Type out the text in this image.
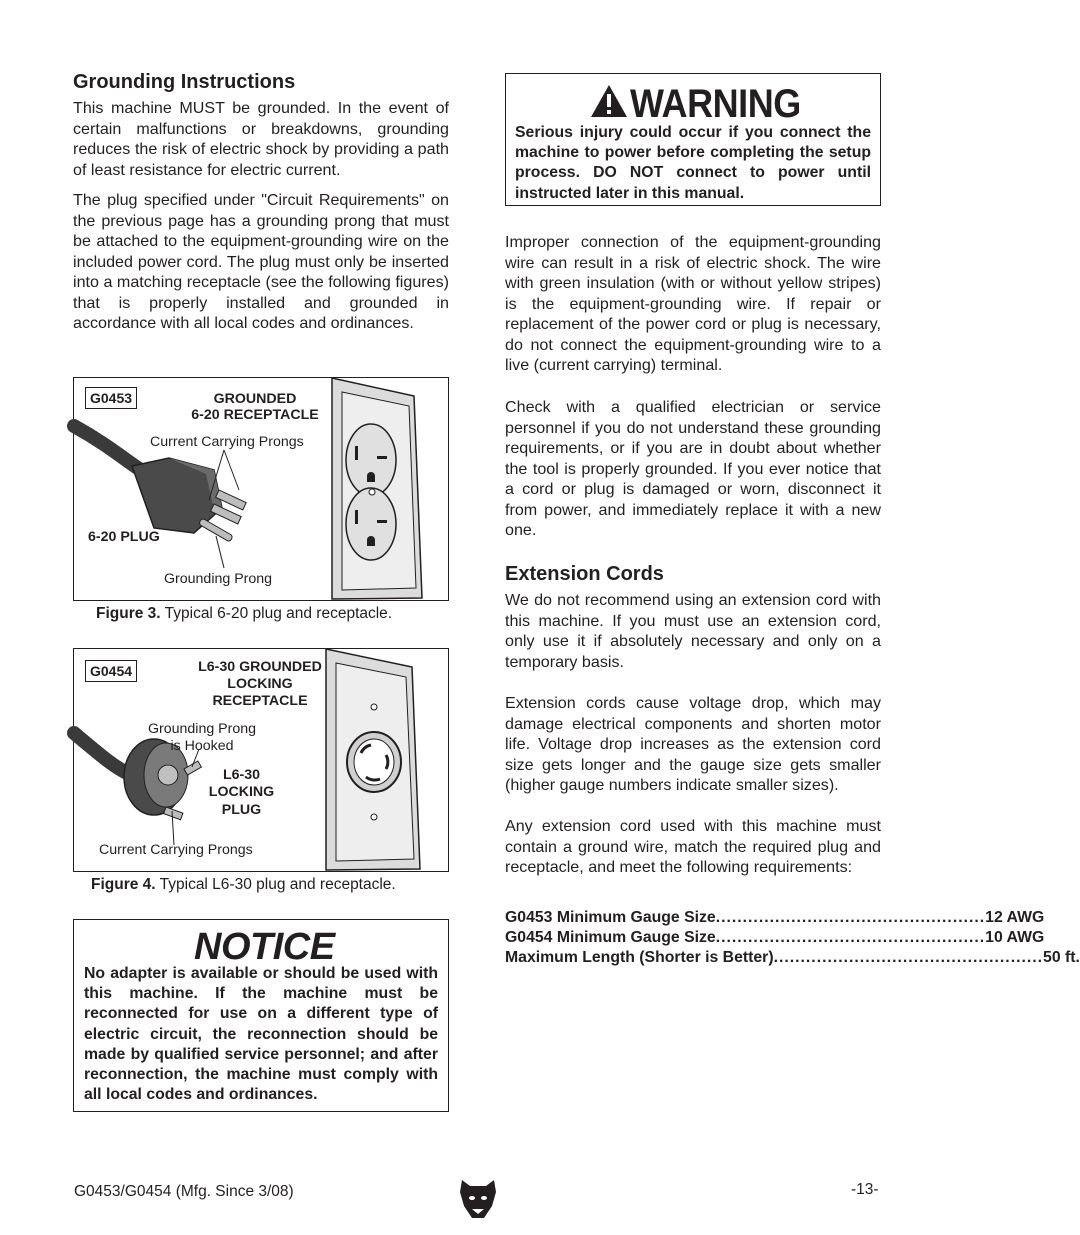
Grounding Instructions

This machine MUST be grounded. In the event of certain malfunctions or breakdowns, grounding reduces the risk of electric shock by providing a path of least resistance for electric current.

The plug specified under "Circuit Requirements" on the previous page has a grounding prong that must be attached to the equipment-grounding wire on the included power cord. The plug must only be inserted into a matching receptacle (see the following figures) that is properly installed and grounded in accordance with all local codes and ordinances.

G0453	GROUNDED
6-20 RECEPTACLE
Current Carrying Prongs
6-20 PLUG
Grounding Prong
Figure 3. Typical 6-20 plug and receptacle.
G0454	L6-30 GROUNDED
LOCKING
RECEPTACLE
Grounding Prong
is Hooked
L6-30
LOCKING
PLUG
Current Carrying Prongs
Figure 4. Typical L6-30 plug and receptacle.
NOTICE

No adapter is available or should be used with this machine. If the machine must be reconnected for use on a different type of electric circuit, the reconnection should be made by qualified service personnel; and after reconnection, the machine must comply with all local codes and ordinances.

WARNING

Serious injury could occur if you connect the machine to power before completing the setup process. DO NOT connect to power until instructed later in this manual.

Improper connection of the equipment-grounding wire can result in a risk of electric shock. The wire with green insulation (with or without yellow stripes) is the equipment-grounding wire. If repair or replacement of the power cord or plug is necessary, do not connect the equipment-grounding wire to a live (current carrying) terminal.

Check with a qualified electrician or service personnel if you do not understand these grounding requirements, or if you are in doubt about whether the tool is properly grounded. If you ever notice that a cord or plug is damaged or worn, disconnect it from power, and immediately replace it with a new one.

Extension Cords

We do not recommend using an extension cord with this machine. If you must use an extension cord, only use it if absolutely necessary and only on a temporary basis.

Extension cords cause voltage drop, which may damage electrical components and shorten motor life. Voltage drop increases as the extension cord size gets longer and the gauge size gets smaller (higher gauge numbers indicate smaller sizes).

Any extension cord used with this machine must contain a ground wire, match the required plug and receptacle, and meet the following requirements:

G0453 Minimum Gauge Size .................................................. 12 AWG
G0454 Minimum Gauge Size .................................................. 10 AWG
Maximum Length (Shorter is Better) .................................................. 50 ft.
G0453/G0454 (Mfg. Since 3/08)	-13-
